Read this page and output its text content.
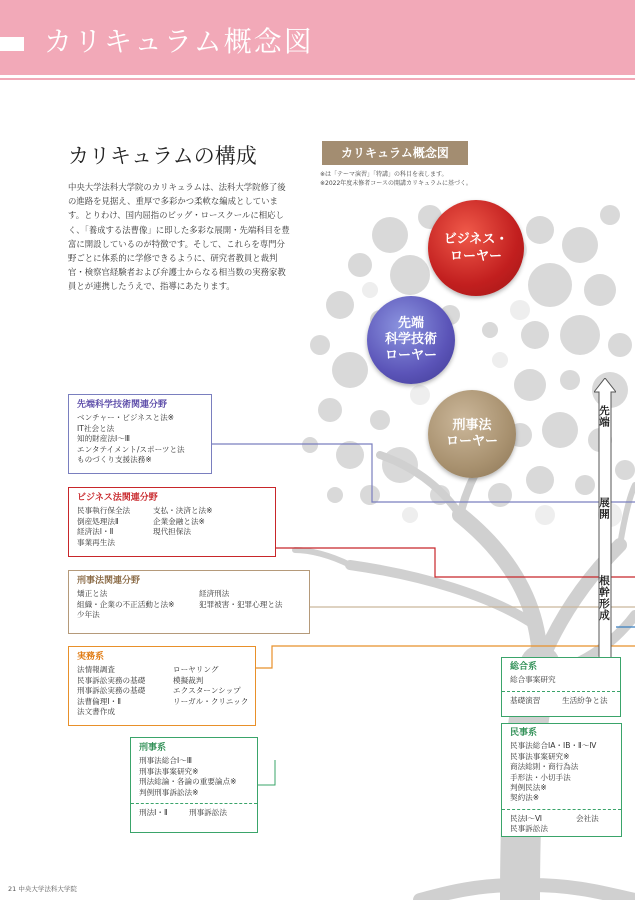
カリキュラム概念図
カリキュラムの構成
中央大学法科大学院のカリキュラムは、法科大学院修了後の進路を見据え、重厚で多彩かつ柔軟な編成としています。とりわけ、国内屈指のビッグ・ロースクールに相応しく、「養成する法曹像」に即した多彩な展開・先端科目を豊富に開設しているのが特徴です。そして、これらを専門分野ごとに体系的に学修できるように、研究者教員と裁判官・検察官経験者および弁護士からなる相当数の実務家教員とが連携したうえで、指導にあたります。
カリキュラム概念図
※は「テーマ演習」「特講」の科目を表します。
※2022年度未修者コースの開講カリキュラムに基づく。
ビジネス・
ローヤー
先端
科学技術
ローヤー
刑事法
ローヤー
先端
展開
根幹形成
先端科学技術関連分野
ベンチャー・ビジネスと法※
IT社会と法
知的財産法Ⅰ～Ⅲ
エンタテイメント/スポーツと法
ものづくり支援法務※
ビジネス法関連分野
民事執行保全法
倒産処理法Ⅱ
経済法Ⅰ・Ⅱ
事業再生法
支払・決済と法※
企業金融と法※
現代担保法
刑事法関連分野
矯正と法
組織・企業の不正活動と法※
少年法
経済刑法
犯罪被害・犯罪心理と法
実務系
法情報調査
民事訴訟実務の基礎
刑事訴訟実務の基礎
法曹倫理Ⅰ・Ⅱ
法文書作成
ローヤリング
模擬裁判
エクスターンシップ
リーガル・クリニック
刑事系
刑事法総合Ⅰ～Ⅲ
刑事法事案研究※
刑法総論・各論の重要論点※
判例刑事訴訟法※
刑法Ⅰ・Ⅱ	刑事訴訟法
総合系
総合事案研究
基礎演習	生活紛争と法
民事系
民事法総合ⅠA・ⅠB・Ⅱ～Ⅳ
民事法事案研究※
商法総則・商行為法
手形法・小切手法
判例民法※
契約法※
民法Ⅰ～Ⅵ	会社法
民事訴訟法
21 中央大学法科大学院
